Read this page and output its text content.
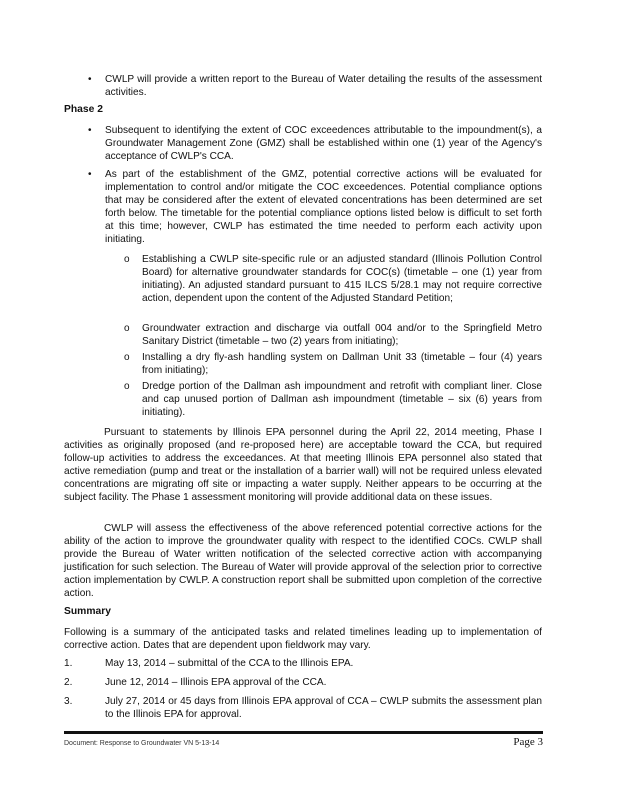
• CWLP will provide a written report to the Bureau of Water detailing the results of the assessment activities.

Phase 2
• Subsequent to identifying the extent of COC exceedences attributable to the impoundment(s), a Groundwater Management Zone (GMZ) shall be established within one (1) year of the Agency's acceptance of CWLP's CCA.

• As part of the establishment of the GMZ, potential corrective actions will be evaluated for implementation to control and/or mitigate the COC exceedences. Potential compliance options that may be considered after the extent of elevated concentrations has been determined are set forth below. The timetable for the potential compliance options listed below is difficult to set forth at this time; however, CWLP has estimated the time needed to perform each activity upon initiating.

o Establishing a CWLP site-specific rule or an adjusted standard (Illinois Pollution Control Board) for alternative groundwater standards for COC(s) (timetable – one (1) year from initiating). An adjusted standard pursuant to 415 ILCS 5/28.1 may not require corrective action, dependent upon the content of the Adjusted Standard Petition;

o Groundwater extraction and discharge via outfall 004 and/or to the Springfield Metro Sanitary District (timetable – two (2) years from initiating);

o Installing a dry fly-ash handling system on Dallman Unit 33 (timetable – four (4) years from initiating);

o Dredge portion of the Dallman ash impoundment and retrofit with compliant liner. Close and cap unused portion of Dallman ash impoundment (timetable – six (6) years from initiating).

Pursuant to statements by Illinois EPA personnel during the April 22, 2014 meeting, Phase I activities as originally proposed (and re-proposed here) are acceptable toward the CCA, but required follow-up activities to address the exceedances. At that meeting Illinois EPA personnel also stated that active remediation (pump and treat or the installation of a barrier wall) will not be required unless elevated concentrations are migrating off site or impacting a water supply. Neither appears to be occurring at the subject facility. The Phase 1 assessment monitoring will provide additional data on these issues.

CWLP will assess the effectiveness of the above referenced potential corrective actions for the ability of the action to improve the groundwater quality with respect to the identified COCs. CWLP shall provide the Bureau of Water written notification of the selected corrective action with accompanying justification for such selection. The Bureau of Water will provide approval of the selection prior to corrective action implementation by CWLP. A construction report shall be submitted upon completion of the corrective action.

Summary

Following is a summary of the anticipated tasks and related timelines leading up to implementation of corrective action. Dates that are dependent upon fieldwork may vary.

1.	May 13, 2014 – submittal of the CCA to the Illinois EPA.

2.	June 12, 2014 – Illinois EPA approval of the CCA.

3.	July 27, 2014 or 45 days from Illinois EPA approval of CCA – CWLP submits the assessment plan to the Illinois EPA for approval.

Document: Response to Groundwater VN 5-13-14	Page 3
